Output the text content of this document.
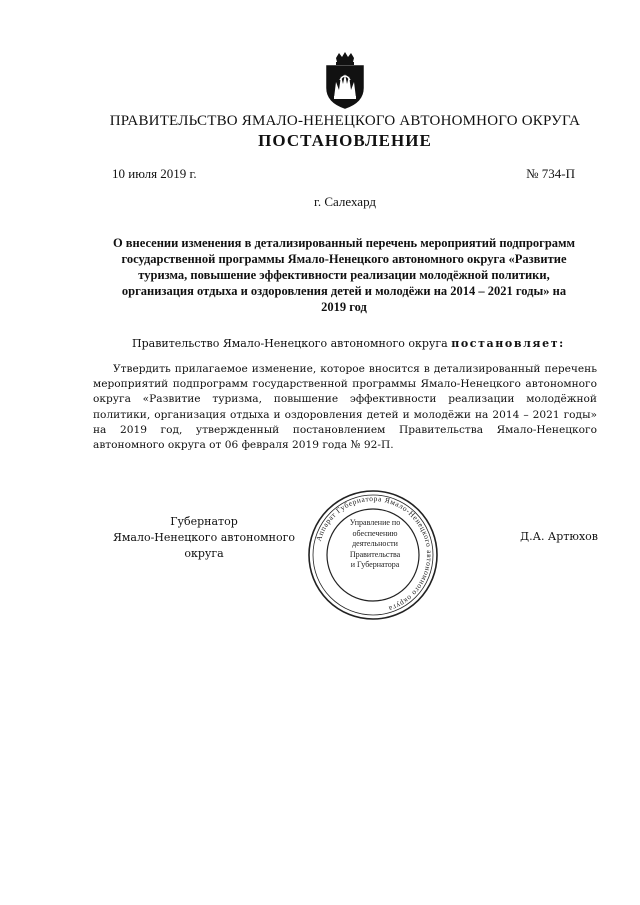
ПРАВИТЕЛЬСТВО ЯМАЛО-НЕНЕЦКОГО АВТОНОМНОГО ОКРУГА
ПОСТАНОВЛЕНИЕ
10 июля 2019 г.	№ 734-П
г. Салехард
О внесении изменения в детализированный перечень мероприятий подпрограмм государственной программы Ямало-Ненецкого автономного округа «Развитие туризма, повышение эффективности реализации молодёжной политики, организация отдыха и оздоровления детей и молодёжи на 2014 – 2021 годы» на 2019 год
Правительство Ямало-Ненецкого автономного округа постановляет:
Утвердить прилагаемое изменение, которое вносится в детализированный перечень мероприятий подпрограмм государственной программы Ямало-Ненецкого автономного округа «Развитие туризма, повышение эффективности реализации молодёжной политики, организация отдыха и оздоровления детей и молодёжи на 2014 – 2021 годы» на 2019 год, утвержденный постановлением Правительства Ямало-Ненецкого автономного округа от 06 февраля 2019 года № 92-П.
Губернатор
Ямало-Ненецкого автономного округа
Д.А. Артюхов
Аппарат Губернатора Ямало-Ненецкого автономного округа
Управление по
обеспечению
деятельности
Правительства
и Губернатора
